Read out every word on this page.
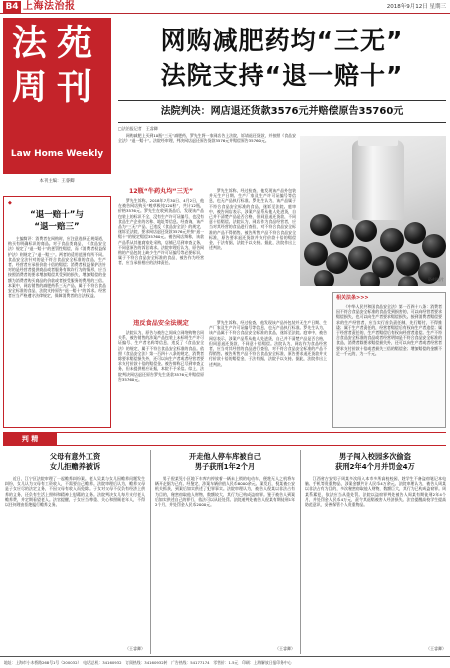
B4 上海法治报	2018年9月12日 星期三
法苑
周刊
Law Home Weekly
本刊主编：王睿卿
网购减肥药均“三无”
法院支持“退一赔十”
法院判决：网店退还货款3576元并赔偿原告35760元
□法治报记者　王睿卿

网购减肥上买到10瓶“三无”减肥药，罗先生将一家网店告上法院，诉请退还货款，并按照《食品安全法》“退一赔十”。法院经审理，判决网店退还原告货款3576元并赔偿原告35760元。

资料图片
12瓶“牛药丸均“三无”

罗先生诉称，2018年7月30日、4月2日，他在被告网店购买“蝗草极纯120粒”，共计12瓶，价格3576元。罗先生在收到货品后，发现该产品包装上的标识不全，没有生产许可证编号，也没有食品生产企业的名称、地址等信息。经查询，该产品为“三无”产品，已违反《食品安全法》的规定，遂诉至法院，要求网店退还货款3576元并按“退一赔十”的规定赔偿35760元。被告网店辩称，该款产品系从其他商家处采购，店铺已尽到审查义务，不同意原告的诉讼请求。法院审理后认为，原告网购的产品包装上缺少生产许可证编号等必要标识，属于不符合食品安全标准的食品，被告作为经营者，应当承担相应的法律责任。

罗先生诉称，经过检查，他发现该产品外包装并无生产日期、生产厂家及生产许可证编号等信息，也无产品执行标准。罗先生认为，该产品属于不符合食品安全标准的食品，遂诉至法院。庭审中，被告网店表示，涉案产品系从他人处进货，自己并不清楚产品是否合格，但同意退还货款，不同意十倍赔偿。法院认为，网店作为食品经营者，应当对其经营的食品进行查验，对不符合食品安全标准的产品不得销售。被告所售产品不符合食品安全标准，原告要求退还货款并支付价款十倍的赔偿金，于法有据，法院予以支持。据此，法院作出上述判决。

违反食品安全法规定

法院认为，原告与被告之间成立网络购物合同关系，被告销售的涉案产品包装上未标明生产许可证编号、生产者名称等信息，违反了《食品安全法》的规定，属于不符合食品安全标准的食品。依照《食品安全法》第一百四十八条的规定，消费者除要求赔偿损失外，还可以向生产者或者经营者要求支付价款十倍的赔偿金。被告辩称已尽到审查义务，但未提供相应证据，本院不予采信。综上，法院判决网店退还原告罗先生货款3576元并赔偿原告35760元。

罗先生诉称，经过检查，他发现该产品外包装并无生产日期、生产厂家及生产许可证编号等信息，也无产品执行标准。罗先生认为，该产品属于不符合食品安全标准的食品，遂诉至法院。庭审中，被告网店表示，涉案产品系从他人处进货，自己并不清楚产品是否合格，但同意退还货款，不同意十倍赔偿。法院认为，网店作为食品经营者，应当对其经营的食品进行查验，对不符合食品安全标准的产品不得销售。被告所售产品不符合食品安全标准，原告要求退还货款并支付价款十倍的赔偿金，于法有据，法院予以支持。据此，法院作出上述判决。

◆
“退一赔十”与
“退一赔三”

主编简评：消费者在网购时，应注意选择正规渠道，购买有明确标识的商品。对于食品类商品，《食品安全法》规定了“退一赔十”的惩罚性赔偿，而《消费者权益保护法》则规定了“退一赔三”。两者的适用范围有所不同。食品安全法针对的是不符合食品安全标准的食品，生产者、经营者应承担价款十倍的赔偿；消费者权益保护法针对的是经营者提供商品或者服务有欺诈行为的情形，应当按照消费者的要求增加赔偿其受到的损失，增加赔偿的金额为消费者购买商品的价款或者接受服务的费用的三倍。本案中，网店销售的减肥药系三无产品，属于不符合食品安全标准的食品，法院支持原告“退一赔十”的诉求。经营者应当严格遵守法律规定，保障消费者的合法权益。	相关法条>>>

《中华人民共和国食品安全法》第一百四十八条：消费者因不符合食品安全标准的食品受到损害的，可以向经营者要求赔偿损失，也可以向生产者要求赔偿损失。接到消费者赔偿要求的生产经营者，应当实行首负责任制，先行赔付，不得推诿；属于生产者责任的，经营者赔偿后有权向生产者追偿；属于经营者责任的，生产者赔偿后有权向经营者追偿。生产不符合食品安全标准的食品或者经营明知是不符合食品安全标准的食品，消费者除要求赔偿损失外，还可以向生产者或者经营者要求支付价款十倍或者损失三倍的赔偿金；增加赔偿的金额不足一千元的，为一千元。

判 精
父母有意外工资
女儿拒赡养被诉

近日，江宁区法院审理了一起赡养纠纷案。老人吴某与女儿因赡养问题发生纠纷，女儿认为父母有工资收入，不需要自己赡养。法院审理后认为，赡养父母是子女应尽的法定义务，不因父母有收入而免除。子女对父母不仅负有经济上供养的义务，还负有生活上照料和精神上慰藉的义务。法院判决女儿每月支付老人赡养费，并定期看望老人。法官提醒，子女应当尊重、关心和照顾老年人，不得以任何理由拒绝履行赡养义务。

（王睿卿）
开走他人停车库被自己
男子获刑1年2个月

男子倪某见小区地下车库内停放着一辆未上锁的电动车，便趁无人之机将车辆开走据为己有。经鉴定，涉案车辆价值人民币8000余元。案发后，倪某被公安机关抓获，到案后如实供述了犯罪事实。法院审理认为，被告人倪某以非法占有为目的，秘密窃取他人财物，数额较大，其行为已构成盗窃罪。鉴于被告人到案后如实供述自己的罪行，依法可以从轻处罚。法院遂判处被告人倪某有期徒刑1年2个月，并处罚金人民币2000元。

（王睿卿）
男子闯入校园多次偷盗
获刑2年4个月并罚金4万

江西省吉安男子周某多次闯入本市多所高校校园，趁学生不备盗窃笔记本电脑、手机等贵重物品，涉案金额共计人民币4万余元。法院审理认为，被告人周某以非法占有为目的，多次秘密窃取他人财物，数额巨大，其行为已构成盗窃罪。周某系累犯，依法应当从重处罚。法院以盗窃罪判处被告人周某有期徒刑2年4个月，并处罚金人民币4万元，责令其退赔被害人经济损失。法官提醒高校学生提高防范意识，妥善保管个人贵重物品。

（王睿卿）
地址：上海市小木桥路268号1号（200032）　电话总机：34160932　订阅热线：34160932转　广告热线：54177174　零售价：1.5元　印刷：上海解放日报印务中心
